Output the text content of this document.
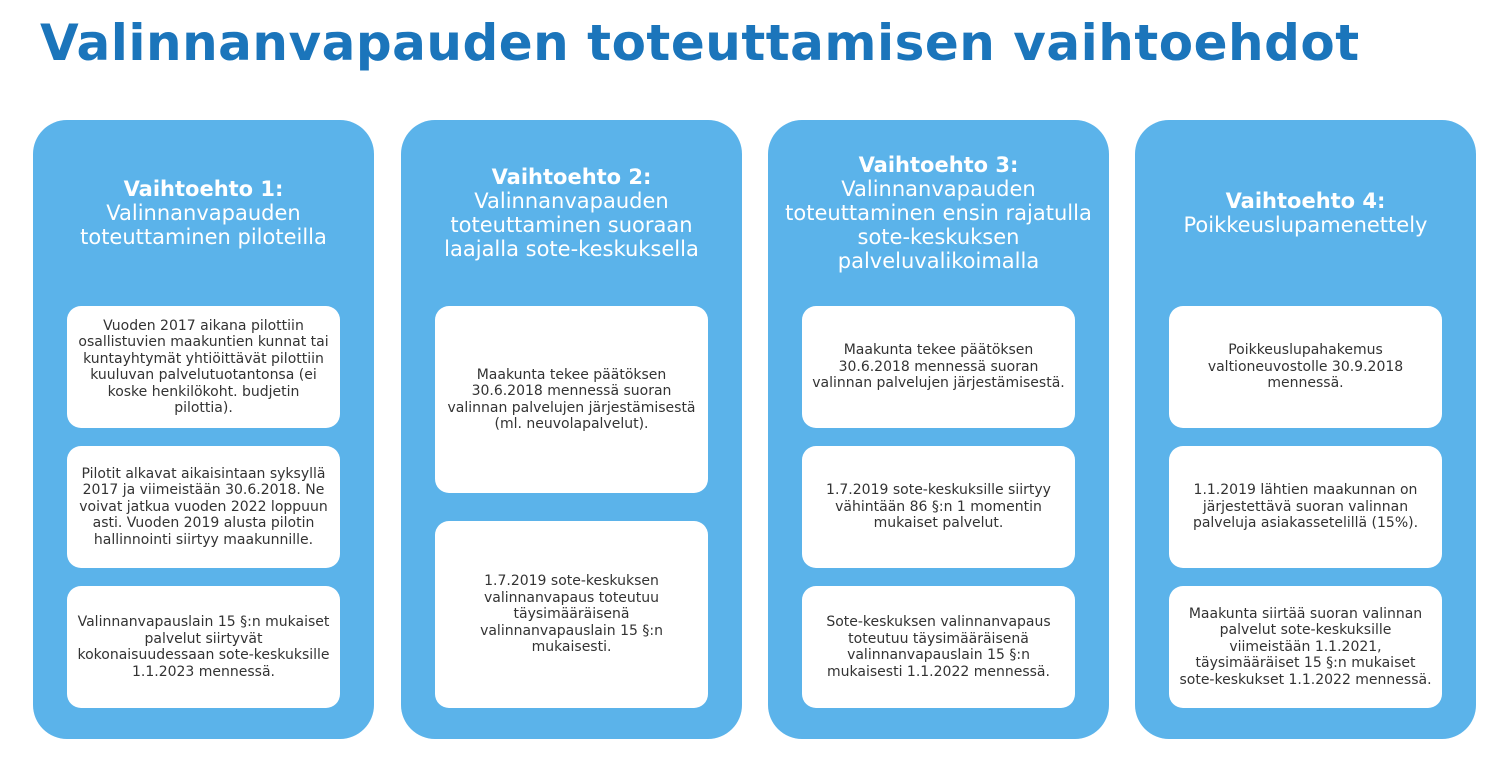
Valinnanvapauden toteuttamisen vaihtoehdot
Vaihtoehto 1:
Valinnanvapauden toteuttaminen piloteilla
Vuoden 2017 aikana pilottiin osallistuvien maakuntien kunnat tai kuntayhtymät yhtiöittävät pilottiin kuuluvan palvelutuotantonsa (ei koske henkilökoht. budjetin pilottia).
Pilotit alkavat aikaisintaan syksyllä 2017 ja viimeistään 30.6.2018. Ne voivat jatkua vuoden 2022 loppuun asti. Vuoden 2019 alusta pilotin hallinnointi siirtyy maakunnille.
Valinnanvapauslain 15 §:n mukaiset palvelut siirtyvät kokonaisuudessaan sote-keskuksille 1.1.2023 mennessä.
Vaihtoehto 2:
Valinnanvapauden toteuttaminen suoraan laajalla sote-keskuksella
Maakunta tekee päätöksen 30.6.2018 mennessä suoran valinnan palvelujen järjestämisestä (ml. neuvolapalvelut).
1.7.2019 sote-keskuksen valinnanvapaus toteutuu täysimääräisenä valinnanvapauslain 15 §:n mukaisesti.
Vaihtoehto 3:
Valinnanvapauden toteuttaminen ensin rajatulla sote-keskuksen palveluvalikoimalla
Maakunta tekee päätöksen 30.6.2018 mennessä suoran valinnan palvelujen järjestämisestä.
1.7.2019 sote-keskuksille siirtyy vähintään 86 §:n 1 momentin mukaiset palvelut.
Sote-keskuksen valinnanvapaus toteutuu täysimääräisenä valinnanvapauslain 15 §:n mukaisesti 1.1.2022 mennessä.
Vaihtoehto 4:
Poikkeuslupamenettely
Poikkeuslupahakemus valtioneuvostolle 30.9.2018 mennessä.
1.1.2019 lähtien maakunnan on järjestettävä suoran valinnan palveluja asiakassetelillä (15%).
Maakunta siirtää suoran valinnan palvelut sote-keskuksille viimeistään 1.1.2021, täysimääräiset 15 §:n mukaiset sote-keskukset 1.1.2022 mennessä.
